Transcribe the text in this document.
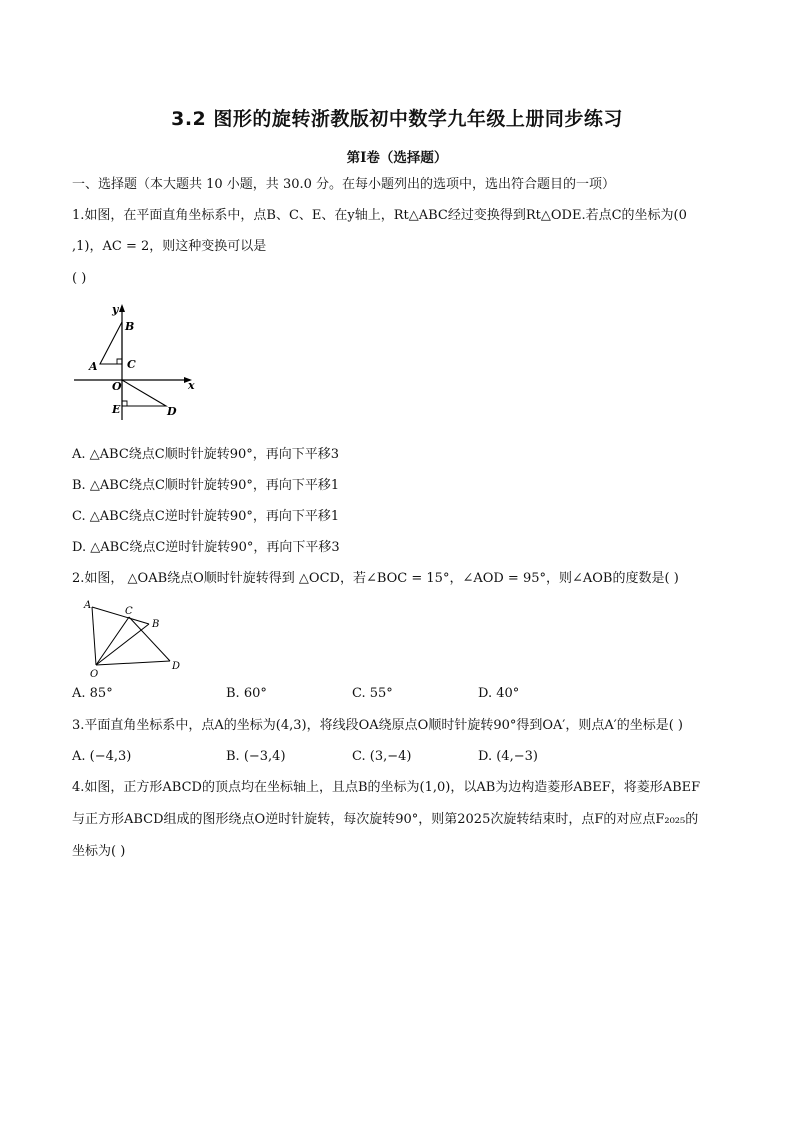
3.2 图形的旋转浙教版初中数学九年级上册同步练习
第Ⅰ卷（选择题）
一、选择题（本大题共 10 小题，共 30.0 分。在每小题列出的选项中，选出符合题目的一项）
1.如图，在平面直角坐标系中，点B、C、E、在y轴上，Rt△ABC经过变换得到Rt△ODE.若点C的坐标为(0
,1)，AC = 2，则这种变换可以是
( )
y
x
B
A	C
O
E	D
A. △ABC绕点C顺时针旋转90°，再向下平移3
B. △ABC绕点C顺时针旋转90°，再向下平移1
C. △ABC绕点C逆时针旋转90°，再向下平移1
D. △ABC绕点C逆时针旋转90°，再向下平移3
2.如图， △OAB绕点O顺时针旋转得到 △OCD，若∠BOC = 15°，∠AOD = 95°，则∠AOB的度数是( )
A
C
B
O
D
A. 85°	B. 60°	C. 55°	D. 40°
3.平面直角坐标系中，点A的坐标为(4,3)，将线段OA绕原点O顺时针旋转90°得到OA′，则点A′的坐标是( )
A. (−4,3)	B. (−3,4)	C. (3,−4)	D. (4,−3)
4.如图，正方形ABCD的顶点均在坐标轴上，且点B的坐标为(1,0)，以AB为边构造菱形ABEF，将菱形ABEF
与正方形ABCD组成的图形绕点O逆时针旋转，每次旋转90°，则第2025次旋转结束时，点F的对应点F₂₀₂₅的
坐标为( )
